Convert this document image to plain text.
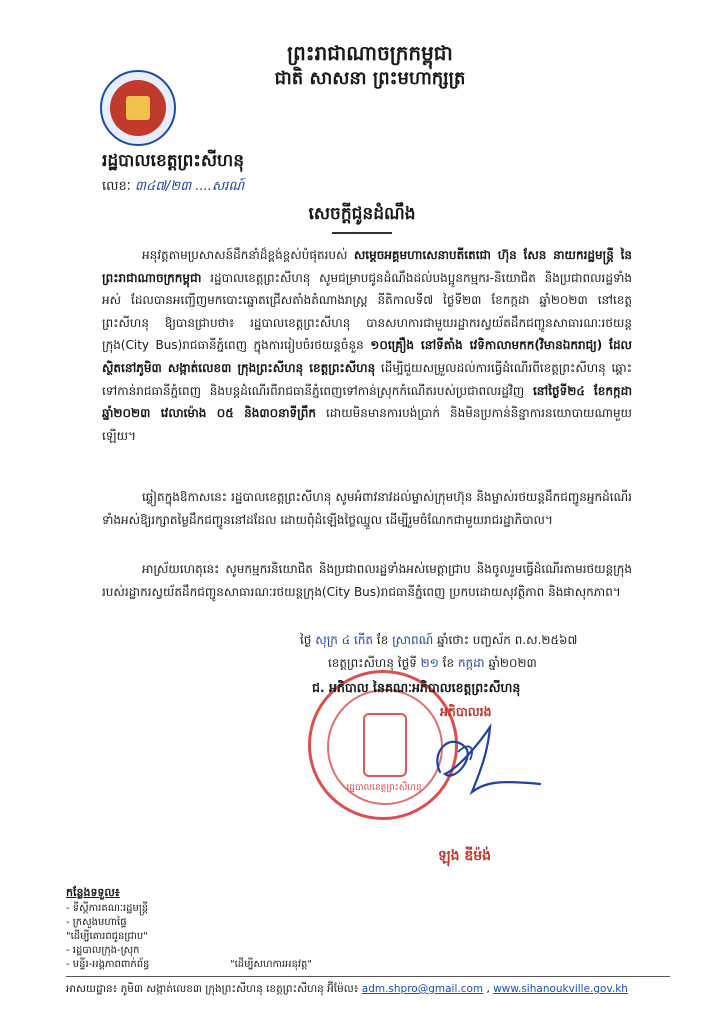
ព្រះរាជាណាចក្រកម្ពុជា
ជាតិ សាសនា ព្រះមហាក្សត្រ
រដ្ឋបាលខេត្តព្រះសីហនុ
លេខៈ ៣៤៧/២៣ ....សរណ៍
សេចក្តីជូនដំណឹង
អនុវត្តតាមប្រសាសន៍ដឹកនាំដ៏ខ្ពង់ខ្ពស់បំផុតរបស់ សម្តេចអគ្គមហាសេនាបតីតេជោ ហ៊ុន សែន នាយករដ្ឋមន្រ្តី នៃព្រះរាជាណាចក្រកម្ពុជា រដ្ឋបាលខេត្តព្រះសីហនុ សូមជម្រាបជូនដំណឹងដល់បងប្អូនកម្មករ-និយោជិត និងប្រជាពលរដ្ឋទាំងអស់ ដែលបានអញ្ជើញមកបោះឆ្នោតជ្រើសតាំងតំណាងរាស្រ្ត នីតិកាលទី៧ ថ្ងៃទី២៣ ខែកក្កដា ឆ្នាំ២០២៣ នៅខេត្តព្រះសីហនុ ឱ្យបានជ្រាបថា៖ រដ្ឋបាលខេត្តព្រះសីហនុ បានសហការជាមួយរដ្ឋាករស្វយ័តដឹកជញ្ជូនសាធារណៈរថយន្តក្រុង(City Bus)រាជធានីភ្នំពេញ ក្នុងការរៀបចំរថយន្តចំនួន ១០គ្រឿង នៅទីតាំង វេទិកាលាមកក(វិមានឯករាជ្យ) ដែលស្ថិតនៅភូមិ៣ សង្កាត់លេខ៣ ក្រុងព្រះសីហនុ ខេត្តព្រះសីហនុ ដើម្បីជួយសម្រួលដល់ការធ្វើដំណើរពីខេត្តព្រះសីហនុ ឆ្ពោះទៅកាន់រាជធានីភ្នំពេញ និងបន្តដំណើរពីរាជធានីភ្នំពេញទៅកាន់ស្រុកកំណើតរបស់ប្រជាពលរដ្ឋវិញ នៅថ្ងៃទី២៤ ខែកក្កដា ឆ្នាំ២០២៣ វេលាម៉ោង ០៥ និង៣០នាទីព្រឹក ដោយមិនមានការបង់ប្រាក់ និងមិនប្រកាន់និន្នាការនយោបាយណាមួយឡើយ។
ឆ្លៀតក្នុងឱកាសនេះ រដ្ឋបាលខេត្តព្រះសីហនុ សូមអំពាវនាវដល់ម្ចាស់ក្រុមហ៊ុន និងម្ចាស់រថយន្តដឹកជញ្ជូនអ្នកដំណើរទាំងអស់ឱ្យរក្សាតម្លៃដឹកជញ្ជូននៅដដែល ដោយពុំដំឡើងថ្លៃឈ្នួល ដើម្បីរួមចំណែកជាមួយរាជរដ្ឋាភិបាល។
អាស្រ័យហេតុនេះ សូមកម្មករនិយោជិត និងប្រជាពលរដ្ឋទាំងអស់មេត្តាជ្រាប និងចូលរួមធ្វើដំណើរតាមរថយន្តក្រុងរបស់រដ្ឋាករស្វយ័តដឹកជញ្ជូនសាធារណៈរថយន្តក្រុង(City Bus)រាជធានីភ្នំពេញ ប្រកបដោយសុវត្ថិភាព និងផាសុកភាព។
ថ្ងៃ សុក្រ ៤ កើត ខែ ស្រាពណ៍ ឆ្នាំថោះ បញ្ចស័ក ព.ស.២៥៦៧
ខេត្តព្រះសីហនុ ថ្ងៃទី ២១ ខែ កក្កដា ឆ្នាំ២០២៣
រដ្ឋបាលខេត្តព្រះសីហនុ
ជ. អភិបាល នៃគណៈអភិបាលខេត្តព្រះសីហនុ
អភិបាលរង
ឡុង ឌីម៉ង់
កន្លែងទទួល៖
- ទីស្តីការគណៈរដ្ឋមន្រ្តី
- ក្រសួងមហាផ្ទៃ
"ដើម្បីគោរពជូនជ្រាប"
- រដ្ឋបាលក្រុង-ស្រុក
- មន្ទីរ-អង្គភាពពាក់ព័ន្ធ	"ដើម្បីសហការអនុវត្ត"
អាសយដ្ឋាន៖ ភូមិ៣ សង្កាត់លេខ៣ ក្រុងព្រះសីហនុ ខេត្តព្រះសីហនុ អ៊ីម៉ែល៖ adm.shpro@gmail.com , www.sihanoukville.gov.kh
